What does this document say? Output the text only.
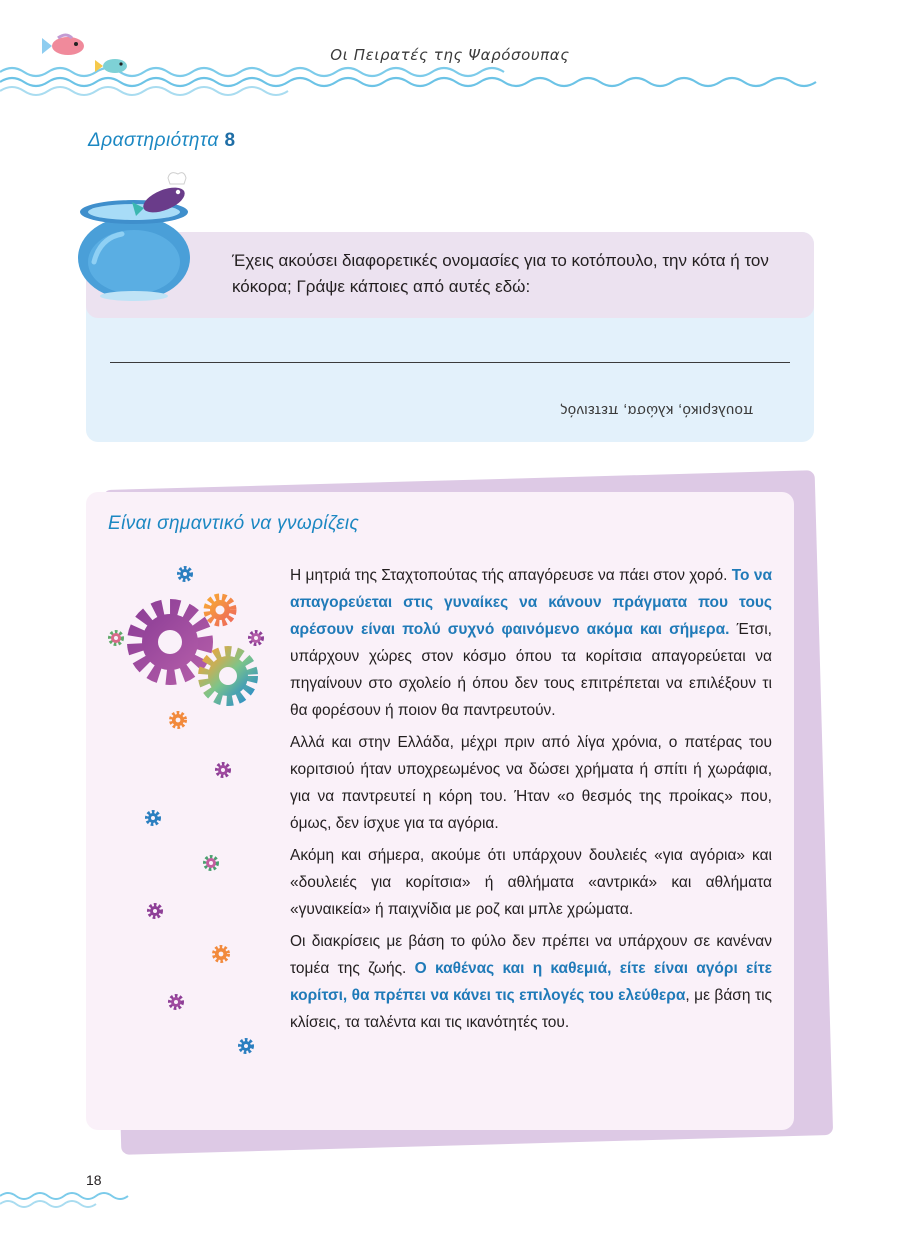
Οι Πειρατές της Ψαρόσουπας
Δραστηριότητα 8
Έχεις ακούσει διαφορετικές ονομασίες για το κοτόπουλο, την κότα ή τον κόκορα; Γράψε κάποιες από αυτές εδώ:
πουλερικό, κλώσα, πετεινός
Είναι σημαντικό να γνωρίζεις

Η μητριά της Σταχτοπούτας τής απαγόρευσε να πάει στον χορό. Το να απαγορεύεται στις γυναίκες να κάνουν πράγματα που τους αρέσουν είναι πολύ συχνό φαινόμενο ακόμα και σήμερα. Έτσι, υπάρχουν χώρες στον κόσμο όπου τα κορίτσια απαγορεύεται να πηγαίνουν στο σχολείο ή όπου δεν τους επιτρέπεται να επιλέξουν τι θα φορέσουν ή ποιον θα παντρευτούν.

Αλλά και στην Ελλάδα, μέχρι πριν από λίγα χρόνια, ο πατέρας του κοριτσιού ήταν υποχρεωμένος να δώσει χρήματα ή σπίτι ή χωράφια, για να παντρευτεί η κόρη του. Ήταν «ο θεσμός της προίκας» που, όμως, δεν ίσχυε για τα αγόρια.

Ακόμη και σήμερα, ακούμε ότι υπάρχουν δουλειές «για αγόρια» και «δουλειές για κορίτσια» ή αθλήματα «αντρικά» και αθλήματα «γυναικεία» ή παιχνίδια με ροζ και μπλε χρώματα.

Οι διακρίσεις με βάση το φύλο δεν πρέπει να υπάρχουν σε κανέναν τομέα της ζωής. Ο καθένας και η καθεμιά, είτε είναι αγόρι είτε κορίτσι, θα πρέπει να κάνει τις επιλογές του ελεύθερα, με βάση τις κλίσεις, τα ταλέντα και τις ικανότητές του.

18
